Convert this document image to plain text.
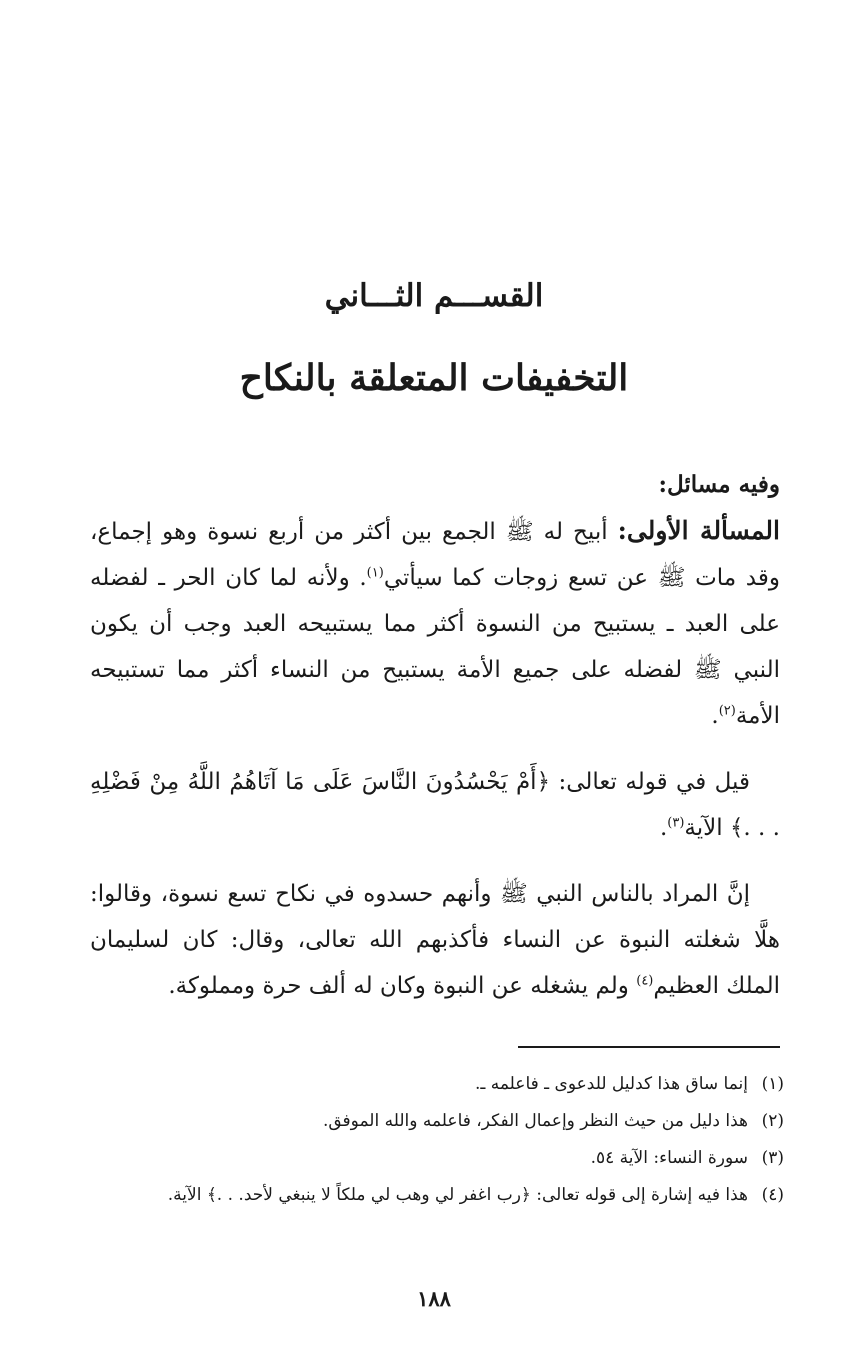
القســـم الثـــاني
التخفيفات المتعلقة بالنكاح

وفيه مسائل:

المسألة الأولى: أبيح له ﷺ الجمع بين أكثر من أربع نسوة وهو إجماع، وقد مات ﷺ عن تسع زوجات كما سيأتي$^{(١)}$. ولأنه لما كان الحر ـ لفضله على العبد ـ يستبيح من النسوة أكثر مما يستبيحه العبد وجب أن يكون النبي ﷺ لفضله على جميع الأمة يستبيح من النساء أكثر مما تستبيحه الأمة$^{(٢)}$.

قيل في قوله تعالى: ﴿أَمْ يَحْسُدُونَ النَّاسَ عَلَى مَا آتَاهُمُ اللَّهُ مِنْ فَضْلِهِ . . .﴾ الآية$^{(٣)}$.

إنَّ المراد بالناس النبي ﷺ وأنهم حسدوه في نكاح تسع نسوة، وقالوا: هلَّا شغلته النبوة عن النساء فأكذبهم الله تعالى، وقال: كان لسليمان الملك العظيم$^{(٤)}$ ولم يشغله عن النبوة وكان له ألف حرة ومملوكة.

(١)
إنما ساق هذا كدليل للدعوى ـ فاعلمه ـ.

(٢)
هذا دليل من حيث النظر وإعمال الفكر، فاعلمه والله الموفق.

(٣)
سورة النساء: الآية ٥٤.

(٤)
هذا فيه إشارة إلى قوله تعالى: ﴿رب اغفر لي وهب لي ملكاً لا ينبغي لأحد. . .﴾ الآية.

١٨٨
